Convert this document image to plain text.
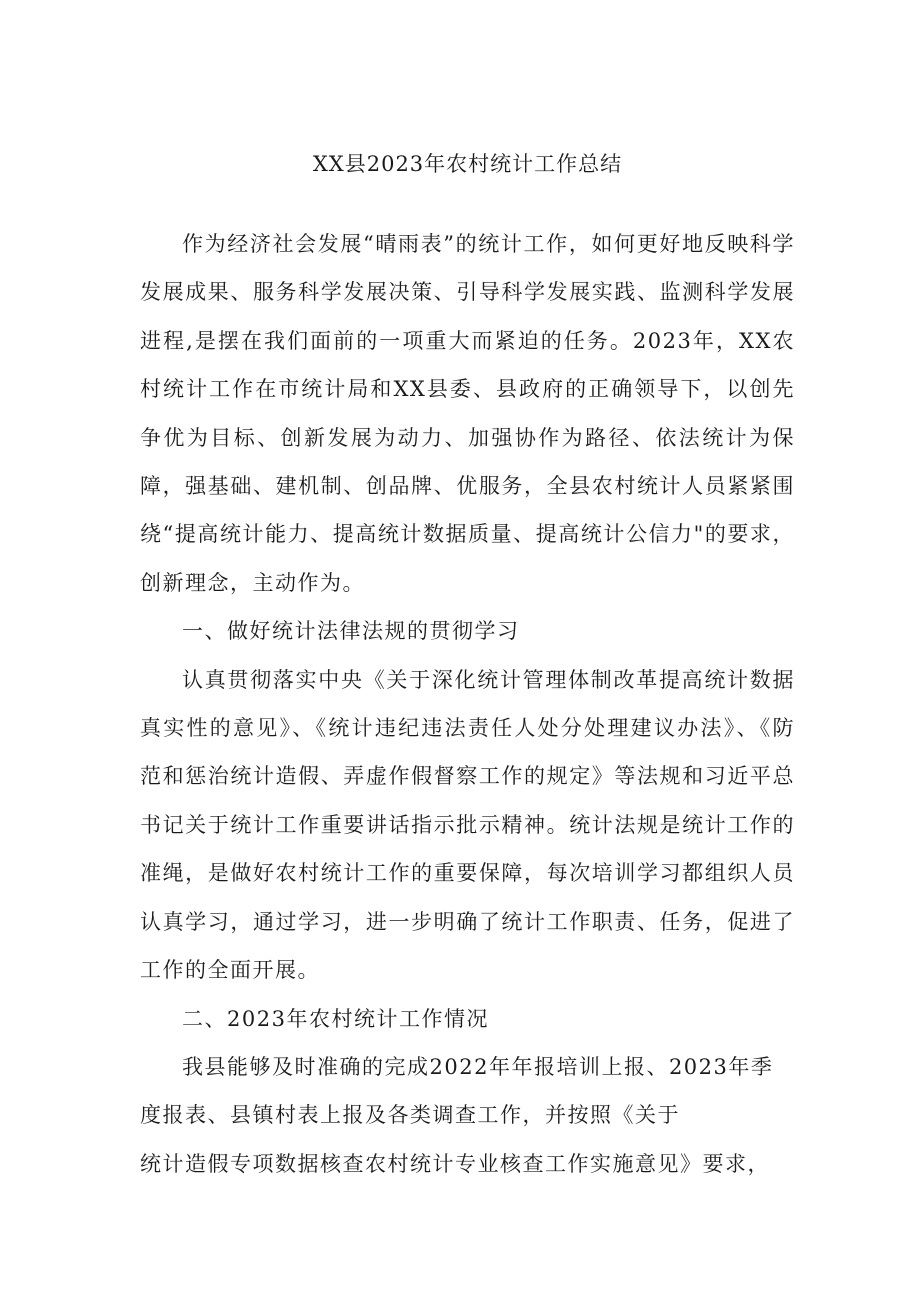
XX县2023年农村统计工作总结

作为经济社会发展“晴雨表”的统计工作，如何更好地反映科学发展成果、服务科学发展决策、引导科学发展实践、监测科学发展进程,是摆在我们面前的一项重大而紧迫的任务。2023年，XX农村统计工作在市统计局和XX县委、县政府的正确领导下，以创先争优为目标、创新发展为动力、加强协作为路径、依法统计为保障，强基础、建机制、创品牌、优服务，全县农村统计人员紧紧围绕“提高统计能力、提高统计数据质量、提高统计公信力"的要求，创新理念，主动作为。

一、做好统计法律法规的贯彻学习

认真贯彻落实中央《关于深化统计管理体制改革提高统计数据真实性的意见》、《统计违纪违法责任人处分处理建议办法》、《防范和惩治统计造假、弄虚作假督察工作的规定》等法规和习近平总书记关于统计工作重要讲话指示批示精神。统计法规是统计工作的准绳，是做好农村统计工作的重要保障，每次培训学习都组织人员认真学习，通过学习，进一步明确了统计工作职责、任务，促进了工作的全面开展。

二、2023年农村统计工作情况

我县能够及时准确的完成2022年年报培训上报、2023年季

度报表、县镇村表上报及各类调查工作，并按照《关于

统计造假专项数据核查农村统计专业核查工作实施意见》要求，
